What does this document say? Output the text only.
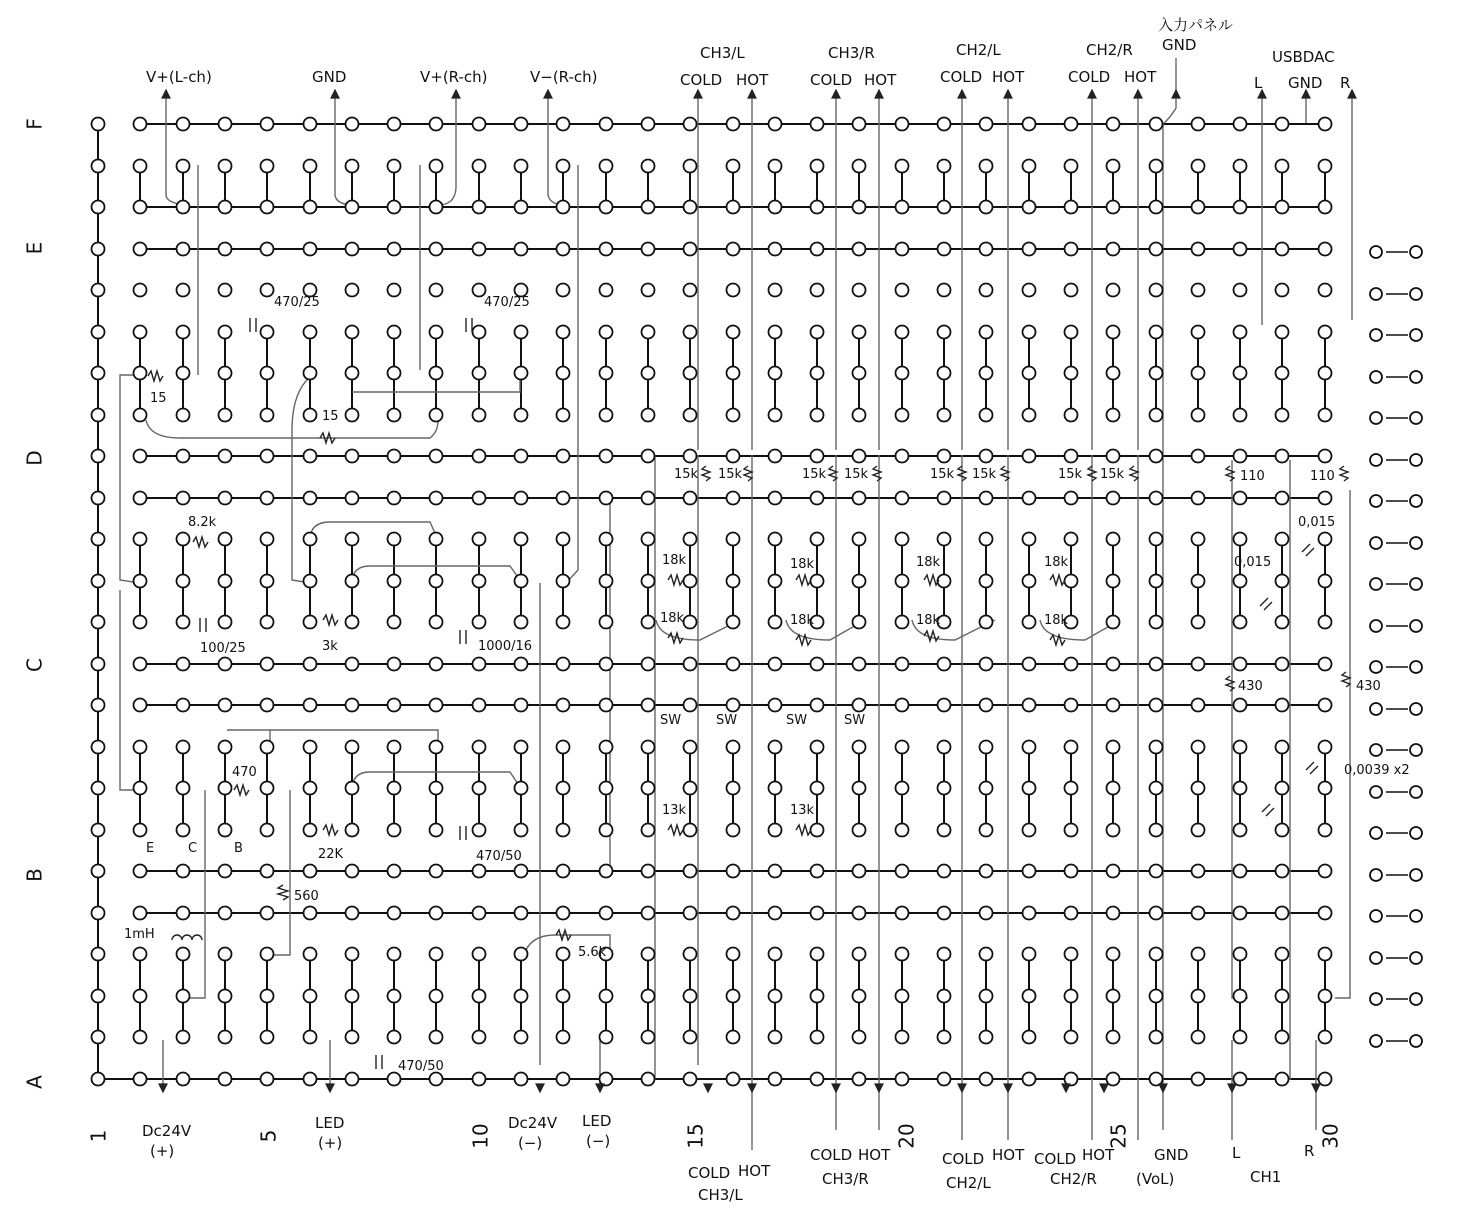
F
E
D
C
B
A
1	5	10	15	20	25	30
V+(L-ch)	GND	V+(R-ch)	V−(R-ch)
CH3/L
COLD HOT
CH3/R
COLD HOT
CH2/L
COLD HOT
CH2/R
COLD HOT
入力パネル
GND
USBDAC
L GND R
Dc24V
(+)
LED
(+)
Dc24V
(−)
LED
(−)
COLD HOT
CH3/L
COLD HOT
CH3/R
COLD HOT
CH2/L
COLD HOT
CH2/R
GND
(VoL)
L	R
CH1
15
15
470/25	470/25
8.2k
100/25	3k	1000/16
15k 15k	15k 15k	15k 15k	15k 15k
18k
18k
18k
18k
18k
18k
18k
18k
SW	SW	SW	SW
13k	13k
110	110
0,015
0,015
430	430
0,0039 x2
470
22K	470/50
470/50
E	C	B
560
1mH
5.6k
